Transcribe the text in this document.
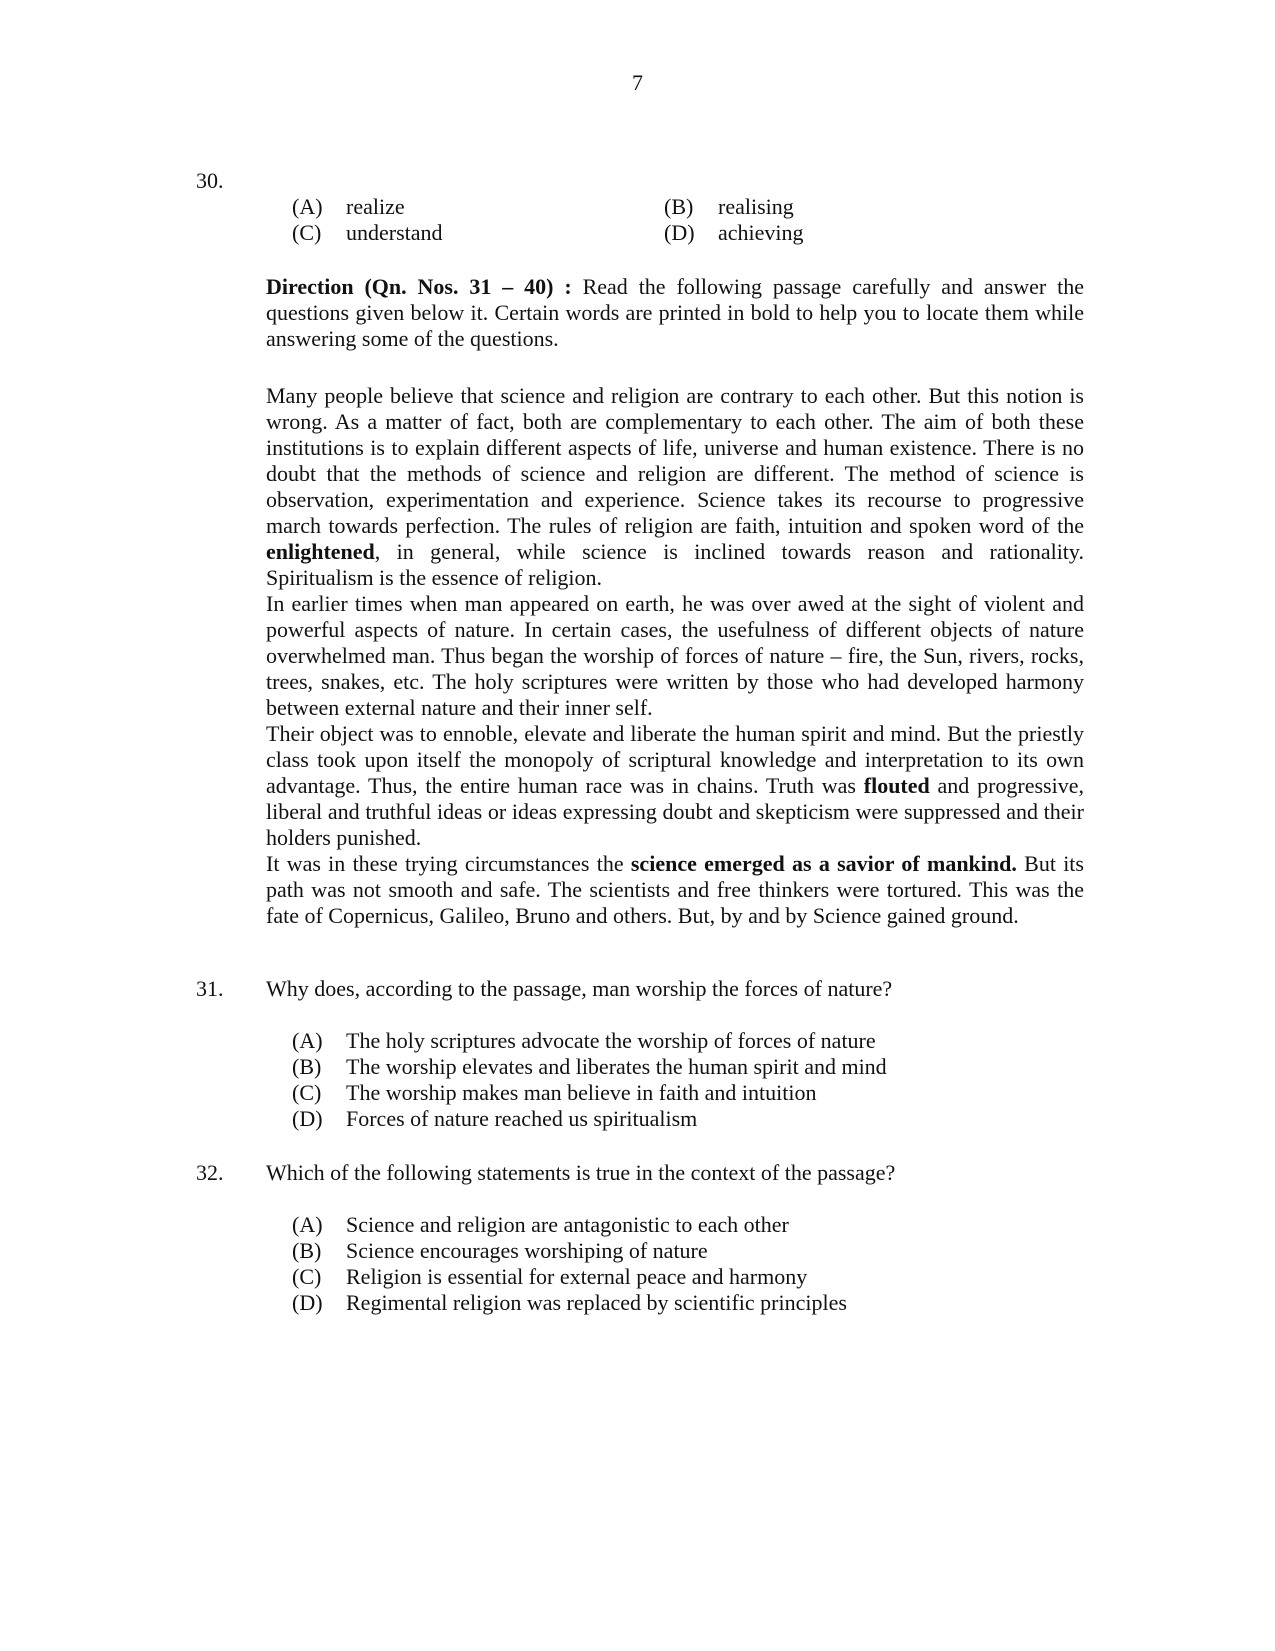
7
30.
(A) realize	(B) realising
(C) understand	(D) achieving

Direction (Qn. Nos. 31 – 40) : Read the following passage carefully and answer the questions given below it. Certain words are printed in bold to help you to locate them while answering some of the questions.

Many people believe that science and religion are contrary to each other. But this notion is wrong. As a matter of fact, both are complementary to each other. The aim of both these institutions is to explain different aspects of life, universe and human existence. There is no doubt that the methods of science and religion are different. The method of science is observation, experimentation and experience. Science takes its recourse to progressive march towards perfection. The rules of religion are faith, intuition and spoken word of the enlightened, in general, while science is inclined towards reason and rationality. Spiritualism is the essence of religion.

In earlier times when man appeared on earth, he was over awed at the sight of violent and powerful aspects of nature. In certain cases, the usefulness of different objects of nature overwhelmed man. Thus began the worship of forces of nature – fire, the Sun, rivers, rocks, trees, snakes, etc. The holy scriptures were written by those who had developed harmony between external nature and their inner self.

Their object was to ennoble, elevate and liberate the human spirit and mind. But the priestly class took upon itself the monopoly of scriptural knowledge and interpretation to its own advantage. Thus, the entire human race was in chains. Truth was flouted and progressive, liberal and truthful ideas or ideas expressing doubt and skepticism were suppressed and their holders punished.

It was in these trying circumstances the science emerged as a savior of mankind. But its path was not smooth and safe. The scientists and free thinkers were tortured. This was the fate of Copernicus, Galileo, Bruno and others. But, by and by Science gained ground.

31. Why does, according to the passage, man worship the forces of nature?
(A) The holy scriptures advocate the worship of forces of nature
(B) The worship elevates and liberates the human spirit and mind
(C) The worship makes man believe in faith and intuition
(D) Forces of nature reached us spiritualism
32. Which of the following statements is true in the context of the passage?
(A) Science and religion are antagonistic to each other
(B) Science encourages worshiping of nature
(C) Religion is essential for external peace and harmony
(D) Regimental religion was replaced by scientific principles
